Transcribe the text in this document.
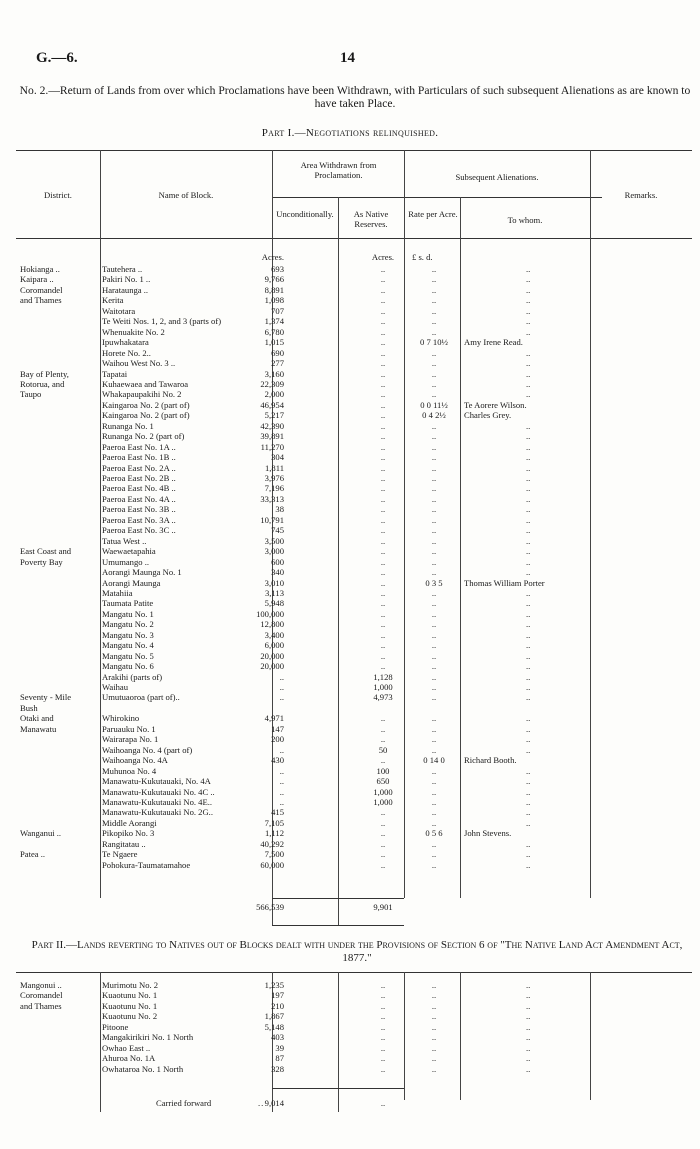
G.—6.	14
No. 2.—Return of Lands from over which Proclamations have been Withdrawn, with Particulars of such subsequent Alienations as are known to have taken Place.
Part I.—Negotiations relinquished.
District.	Name of Block.
Area Withdrawn from Proclamation.	Subsequent Alienations.
Remarks.
Unconditionally.	As Native Reserves.
Rate per Acre.
To whom.
Acres.	Acres.	£ s. d.
Hokianga ..	Tautehera ..	693	..	..	..
Kaipara ..	Pakiri No. 1 ..	9,766	..	..	..
Coromandel	Harataunga ..	8,891	..	..	..
and Thames	Kerita	1,098	..	..	..
Waitotara	707	..	..	..
Te Weiti Nos. 1, 2, and 3 (parts of)	1,374	..	..	..
Whenuakite No. 2	6,780	..	..	..
Ipuwhakatara	1,015	..	0 7 10½	Amy Irene Read.
Horete No. 2..	690	..	..	..
Waihou West No. 3 ..	277	..	..	..
Bay of Plenty,	Tapatai	3,160	..	..	..
Rotorua, and	Kuhaewaea and Tawaroa	22,309	..	..	..
Taupo	Whakapaupakihi No. 2	2,000	..	..	..
Kaingaroa No. 2 (part of)	46,954	..	0 0 11½	Te Aorere Wilson.
Kaingaroa No. 2 (part of)	5,217	..	0 4 2½	Charles Grey.
Runanga No. 1	42,390	..	..	..
Runanga No. 2 (part of)	39,891	..	..	..
Paeroa East No. 1A ..	11,270	..	..	..
Paeroa East No. 1B ..	304	..	..	..
Paeroa East No. 2A ..	1,811	..	..	..
Paeroa East No. 2B ..	3,976	..	..	..
Paeroa East No. 4B ..	7,196	..	..	..
Paeroa East No. 4A ..	33,313	..	..	..
Paeroa East No. 3B ..	38	..	..	..
Paeroa East No. 3A ..	10,791	..	..	..
Paeroa East No. 3C ..	745	..	..	..
Tatua West ..	3,500	..	..	..
East Coast and	Waewaetapahia	3,000	..	..	..
Poverty Bay	Umumango ..	600	..	..	..
Aorangi Maunga No. 1	340	..	..	..
Aorangi Maunga	3,010	..	0 3 5	Thomas William Porter
Matahiia	3,113	..	..	..
Taumata Patite	5,948	..	..	..
Mangatu No. 1	100,000	..	..	..
Mangatu No. 2	12,800	..	..	..
Mangatu No. 3	3,400	..	..	..
Mangatu No. 4	6,000	..	..	..
Mangatu No. 5	20,000	..	..	..
Mangatu No. 6	20,000	..	..	..
Arakihi (parts of)	..	1,128	..	..
Waihau	..	1,000	..	..
Seventy - Mile	Umutuaoroa (part of)..	..	4,973	..	..
Bush
Otaki and	Whirokino	4,971	..	..	..
Manawatu	Paruauku No. 1	147	..	..	..
Wairarapa No. 1	200	..	..	..
Waihoanga No. 4 (part of)	..	50	..	..
Waihoanga No. 4A	430	..	0 14 0	Richard Booth.
Muhunoa No. 4	..	100	..	..
Manawatu-Kukutauaki, No. 4A	..	650	..	..
Manawatu-Kukutauaki No. 4C ..	..	1,000	..	..
Manawatu-Kukutauaki No. 4E..	..	1,000	..	..
Manawatu-Kukutauaki No. 2G..	415	..	..	..
Middle Aorangi	7,105	..	..	..
Wanganui ..	Pikopiko No. 3	1,112	..	0 5 6	John Stevens.
Rangitatau ..	40,292	..	..	..
Patea ..	Te Ngaere	7,500	..	..	..
Pohokura-Taumatamahoe	60,000	..	..	..
566,539	9,901
Part II.—Lands reverting to Natives out of Blocks dealt with under the Provisions of Section 6 of "The Native Land Act Amendment Act, 1877."
Mangonui ..	Murimotu No. 2	1,235	..	..	..
Coromandel	Kuaotunu No. 1	197	..	..	..
and Thames	Kuaotunu No. 1	210	..	..	..
Kuaotunu No. 2	1,867	..	..	..
Pitoone	5,148	..	..	..
Mangakirikiri No. 1 North	403	..	..	..
Owhao East ..	39	..	..	..
Ahuroa No. 1A	87	..	..	..
Owhataroa No. 1 North	328	..	..	..
Carried forward	.. 9,014	..
